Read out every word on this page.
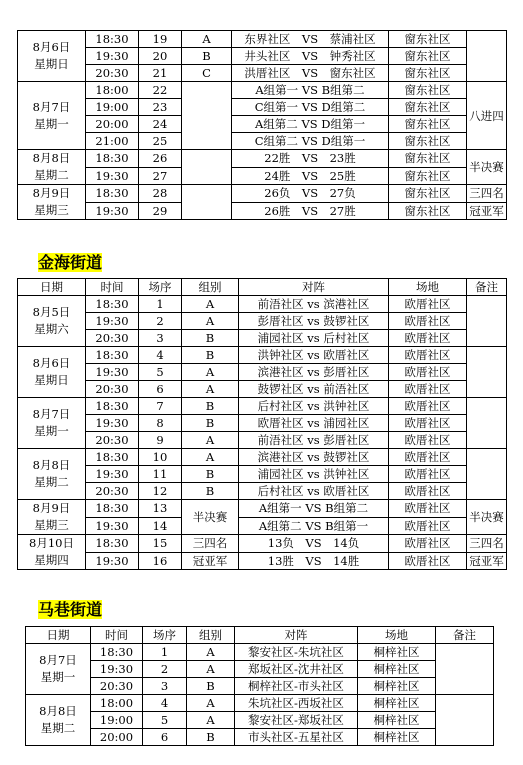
8月6日
星期日	18:30	19	A	东界社区　VS　蔡浦社区	窗东社区	
	19:30	20	B	井头社区　VS　钟秀社区	窗东社区	
	20:30	21	C	洪厝社区　VS　窗东社区	窗东社区	
8月7日
星期一	18:00	22		A组第一 VS B组第二	窗东社区	八进四
	19:00	23		C组第一 VS D组第二	窗东社区	
	20:00	24		A组第二 VS D组第一	窗东社区	
	21:00	25		C组第二 VS D组第一	窗东社区	
8月8日
星期二	18:30	26		22胜　VS　23胜	窗东社区	半决赛
	19:30	27		24胜　VS　25胜	窗东社区	
8月9日
星期三	18:30	28		26负　VS　27负	窗东社区	三四名
	19:30	29		26胜　VS　27胜	窗东社区	冠亚军
金海街道
日期	时间	场序	组别	对阵	场地	备注
8月5日
星期六	18:30	1	A	前浯社区 vs 滨港社区	欧厝社区	
	19:30	2	A	彭厝社区 vs 鼓锣社区	欧厝社区	
	20:30	3	B	浦园社区 vs 后村社区	欧厝社区	
8月6日
星期日	18:30	4	B	洪钟社区 vs 欧厝社区	欧厝社区	
	19:30	5	A	滨港社区 vs 彭厝社区	欧厝社区	
	20:30	6	A	鼓锣社区 vs 前浯社区	欧厝社区	
8月7日
星期一	18:30	7	B	后村社区 vs 洪钟社区	欧厝社区	
	19:30	8	B	欧厝社区 vs 浦园社区	欧厝社区	
	20:30	9	A	前浯社区 vs 彭厝社区	欧厝社区	
8月8日
星期二	18:30	10	A	滨港社区 vs 鼓锣社区	欧厝社区	
	19:30	11	B	浦园社区 vs 洪钟社区	欧厝社区	
	20:30	12	B	后村社区 vs 欧厝社区	欧厝社区	
8月9日
星期三	18:30	13	半决赛	A组第一 VS B组第二	欧厝社区	半决赛
	19:30	14		A组第二 VS B组第一	欧厝社区	
8月10日
星期四	18:30	15	三四名	13负　VS　14负	欧厝社区	三四名
	19:30	16	冠亚军	13胜　VS　14胜	欧厝社区	冠亚军
马巷街道
日期	时间	场序	组别	对阵	场地	备注
8月7日
星期一	18:30	1	A	黎安社区-朱坑社区	桐梓社区	
	19:30	2	A	郑坂社区-沈井社区	桐梓社区	
	20:30	3	B	桐梓社区-市头社区	桐梓社区	
8月8日
星期二	18:00	4	A	朱坑社区-西坂社区	桐梓社区	
	19:00	5	A	黎安社区-郑坂社区	桐梓社区	
	20:00	6	B	市头社区-五星社区	桐梓社区	
